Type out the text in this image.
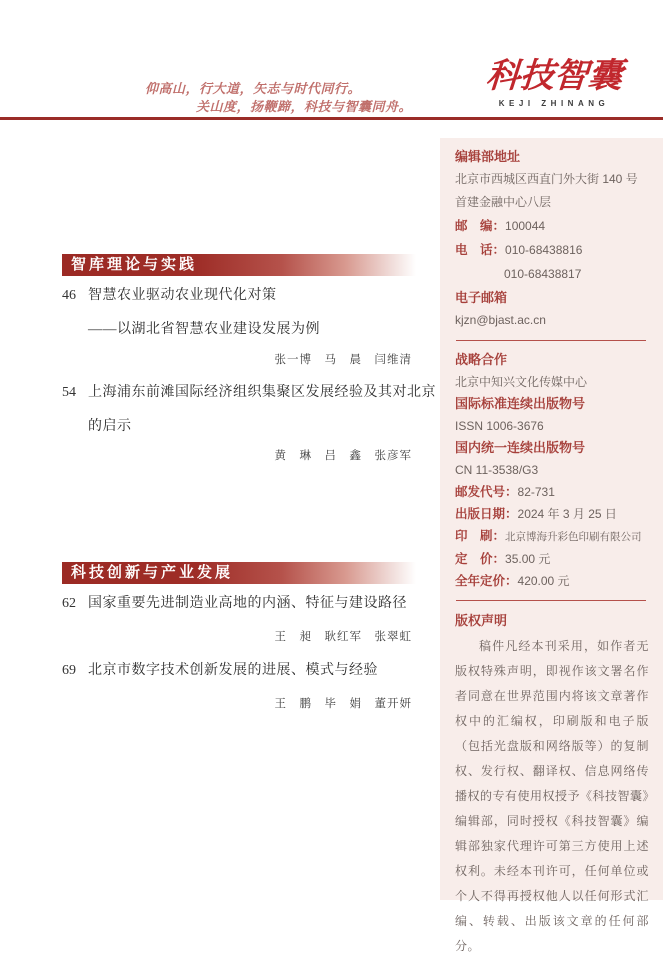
仰高山，行大道，矢志与时代同行。
关山度，扬鞭蹄，科技与智囊同舟。
科技智囊
KEJI ZHINANG
智库理论与实践
46 智慧农业驱动农业现代化对策
——以湖北省智慧农业建设发展为例
张一博　马　晨　闫维清
54 上海浦东前滩国际经济组织集聚区发展经验及其对北京的启示
黄　琳　吕　鑫　张彦军
科技创新与产业发展
62 国家重要先进制造业高地的内涵、特征与建设路径
王　昶　耿红军　张翠虹
69 北京市数字技术创新发展的进展、模式与经验
王　鹏　毕　娟　董开妍
编辑部地址
北京市西城区西直门外大街 140 号
首建金融中心八层
邮　编：100044
电　话：010-68438816
010-68438817
电子邮箱
kjzn@bjast.ac.cn
战略合作
北京中知兴文化传媒中心
国际标准连续出版物号
ISSN 1006-3676
国内统一连续出版物号
CN 11-3538/G3
邮发代号：82-731
出版日期：2024 年 3 月 25 日
印　刷：北京博海升彩色印刷有限公司
定　价：35.00 元
全年定价：420.00 元
版权声明
稿件凡经本刊采用，如作者无版权特殊声明，即视作该文署名作者同意在世界范围内将该文章著作权中的汇编权，印刷版和电子版（包括光盘版和网络版等）的复制权、发行权、翻译权、信息网络传播权的专有使用权授予《科技智囊》编辑部，同时授权《科技智囊》编辑部独家代理许可第三方使用上述权利。未经本刊许可，任何单位或个人不得再授权他人以任何形式汇编、转载、出版该文章的任何部分。
